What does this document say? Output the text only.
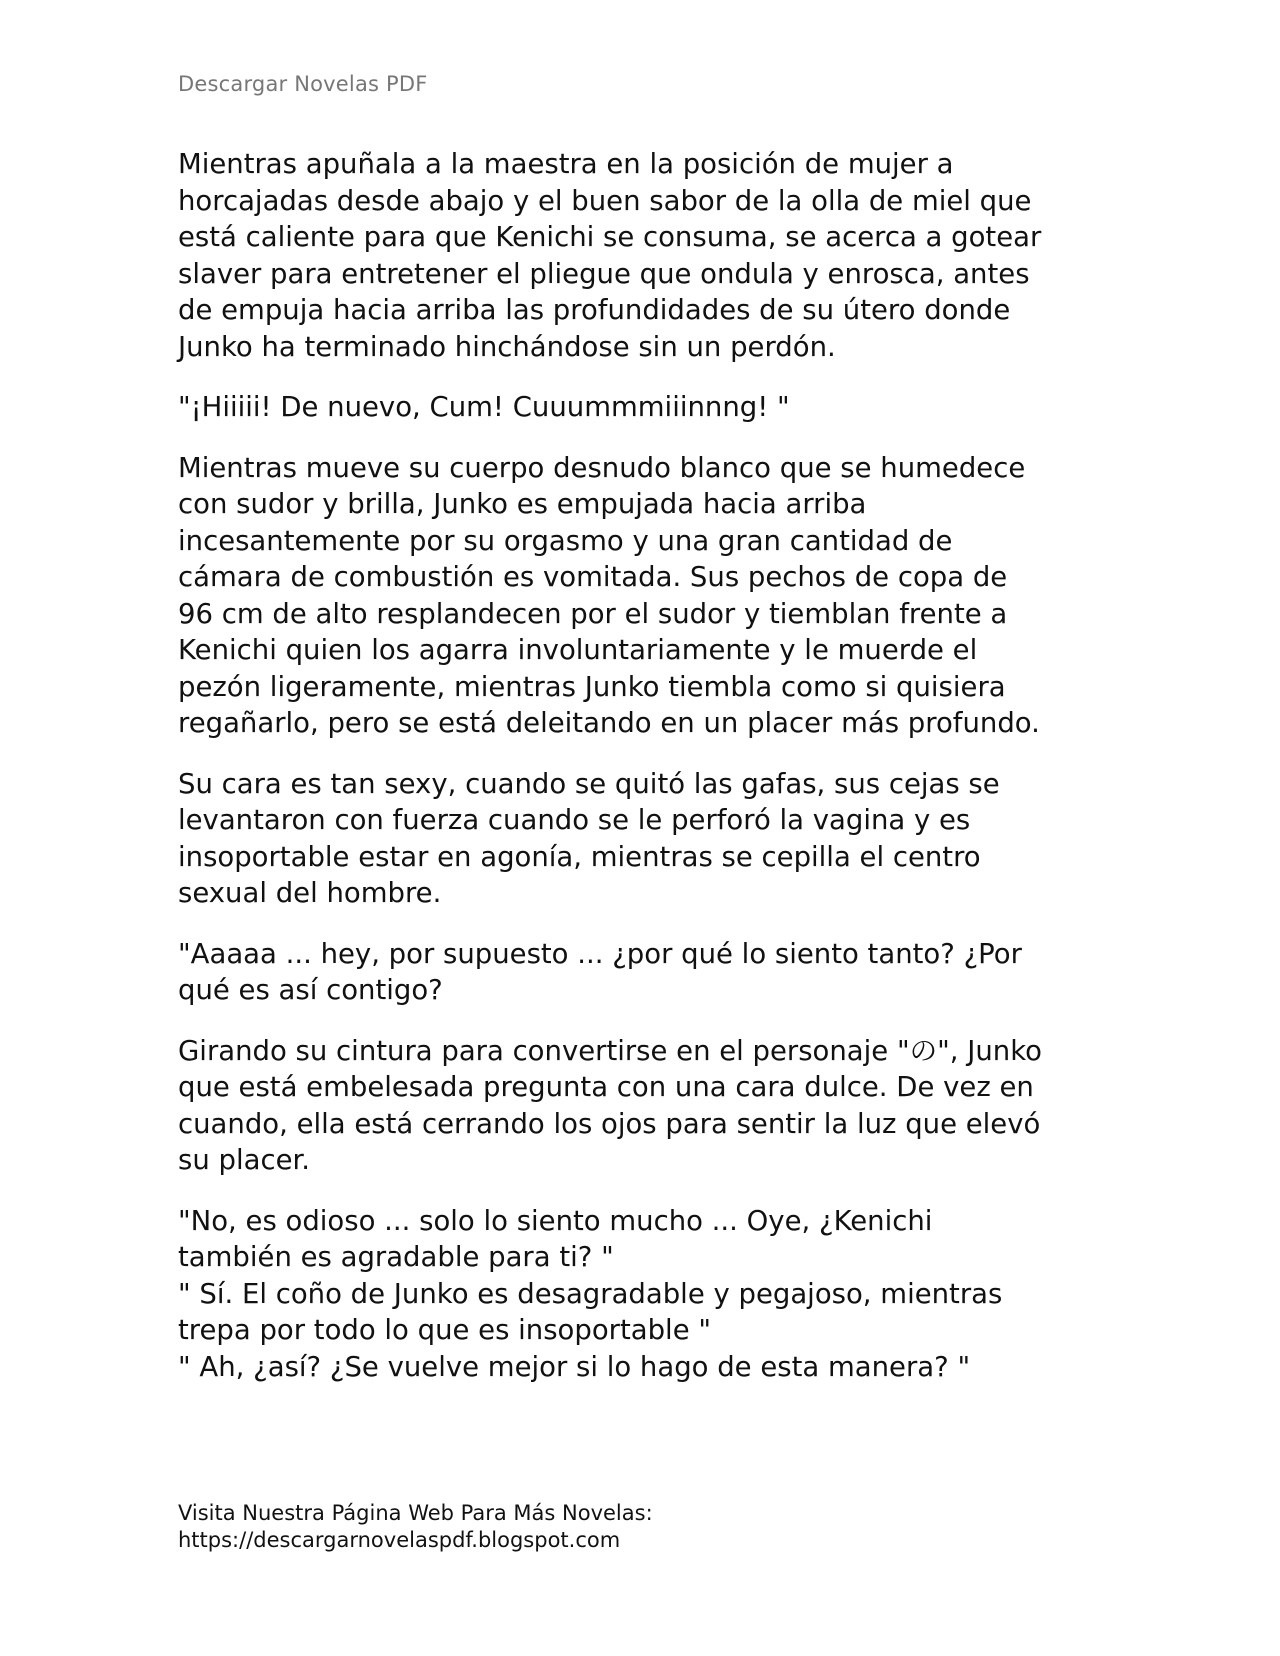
Descargar Novelas PDF

Mientras apuñala a la maestra en la posición de mujer a
horcajadas desde abajo y el buen sabor de la olla de miel que
está caliente para que Kenichi se consuma, se acerca a gotear
slaver para entretener el pliegue que ondula y enrosca, antes
de empuja hacia arriba las profundidades de su útero donde
Junko ha terminado hinchándose sin un perdón.

"¡Hiiiii! De nuevo, Cum! Cuuummmiiinnng! "

Mientras mueve su cuerpo desnudo blanco que se humedece
con sudor y brilla, Junko es empujada hacia arriba
incesantemente por su orgasmo y una gran cantidad de
cámara de combustión es vomitada. Sus pechos de copa de
96 cm de alto resplandecen por el sudor y tiemblan frente a
Kenichi quien los agarra involuntariamente y le muerde el
pezón ligeramente, mientras Junko tiembla como si quisiera
regañarlo, pero se está deleitando en un placer más profundo.

Su cara es tan sexy, cuando se quitó las gafas, sus cejas se
levantaron con fuerza cuando se le perforó la vagina y es
insoportable estar en agonía, mientras se cepilla el centro
sexual del hombre.

"Aaaaa ... hey, por supuesto ... ¿por qué lo siento tanto? ¿Por
qué es así contigo?

Girando su cintura para convertirse en el personaje "の", Junko
que está embelesada pregunta con una cara dulce. De vez en
cuando, ella está cerrando los ojos para sentir la luz que elevó
su placer.

"No, es odioso ... solo lo siento mucho ... Oye, ¿Kenichi
también es agradable para ti? "
" Sí. El coño de Junko es desagradable y pegajoso, mientras
trepa por todo lo que es insoportable "
" Ah, ¿así? ¿Se vuelve mejor si lo hago de esta manera? "

Visita Nuestra Página Web Para Más Novelas:
https://descargarnovelaspdf.blogspot.com
